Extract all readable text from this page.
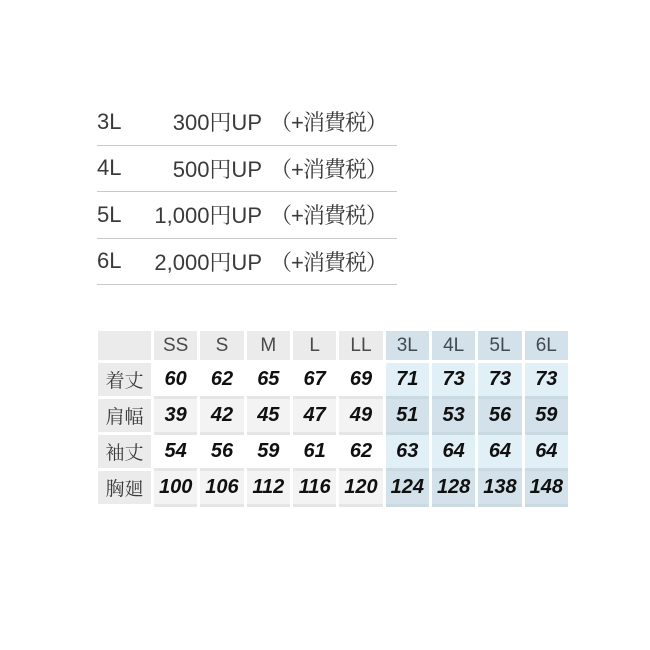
3L	300円UP （+消費税）
4L	500円UP （+消費税）
5L	1,000円UP （+消費税）
6L	2,000円UP （+消費税）
	SS	S	M	L	LL	3L	4L	5L	6L
着丈	60	62	65	67	69	71	73	73	73
肩幅	39	42	45	47	49	51	53	56	59
袖丈	54	56	59	61	62	63	64	64	64
胸廻	100	106	112	116	120	124	128	138	148
